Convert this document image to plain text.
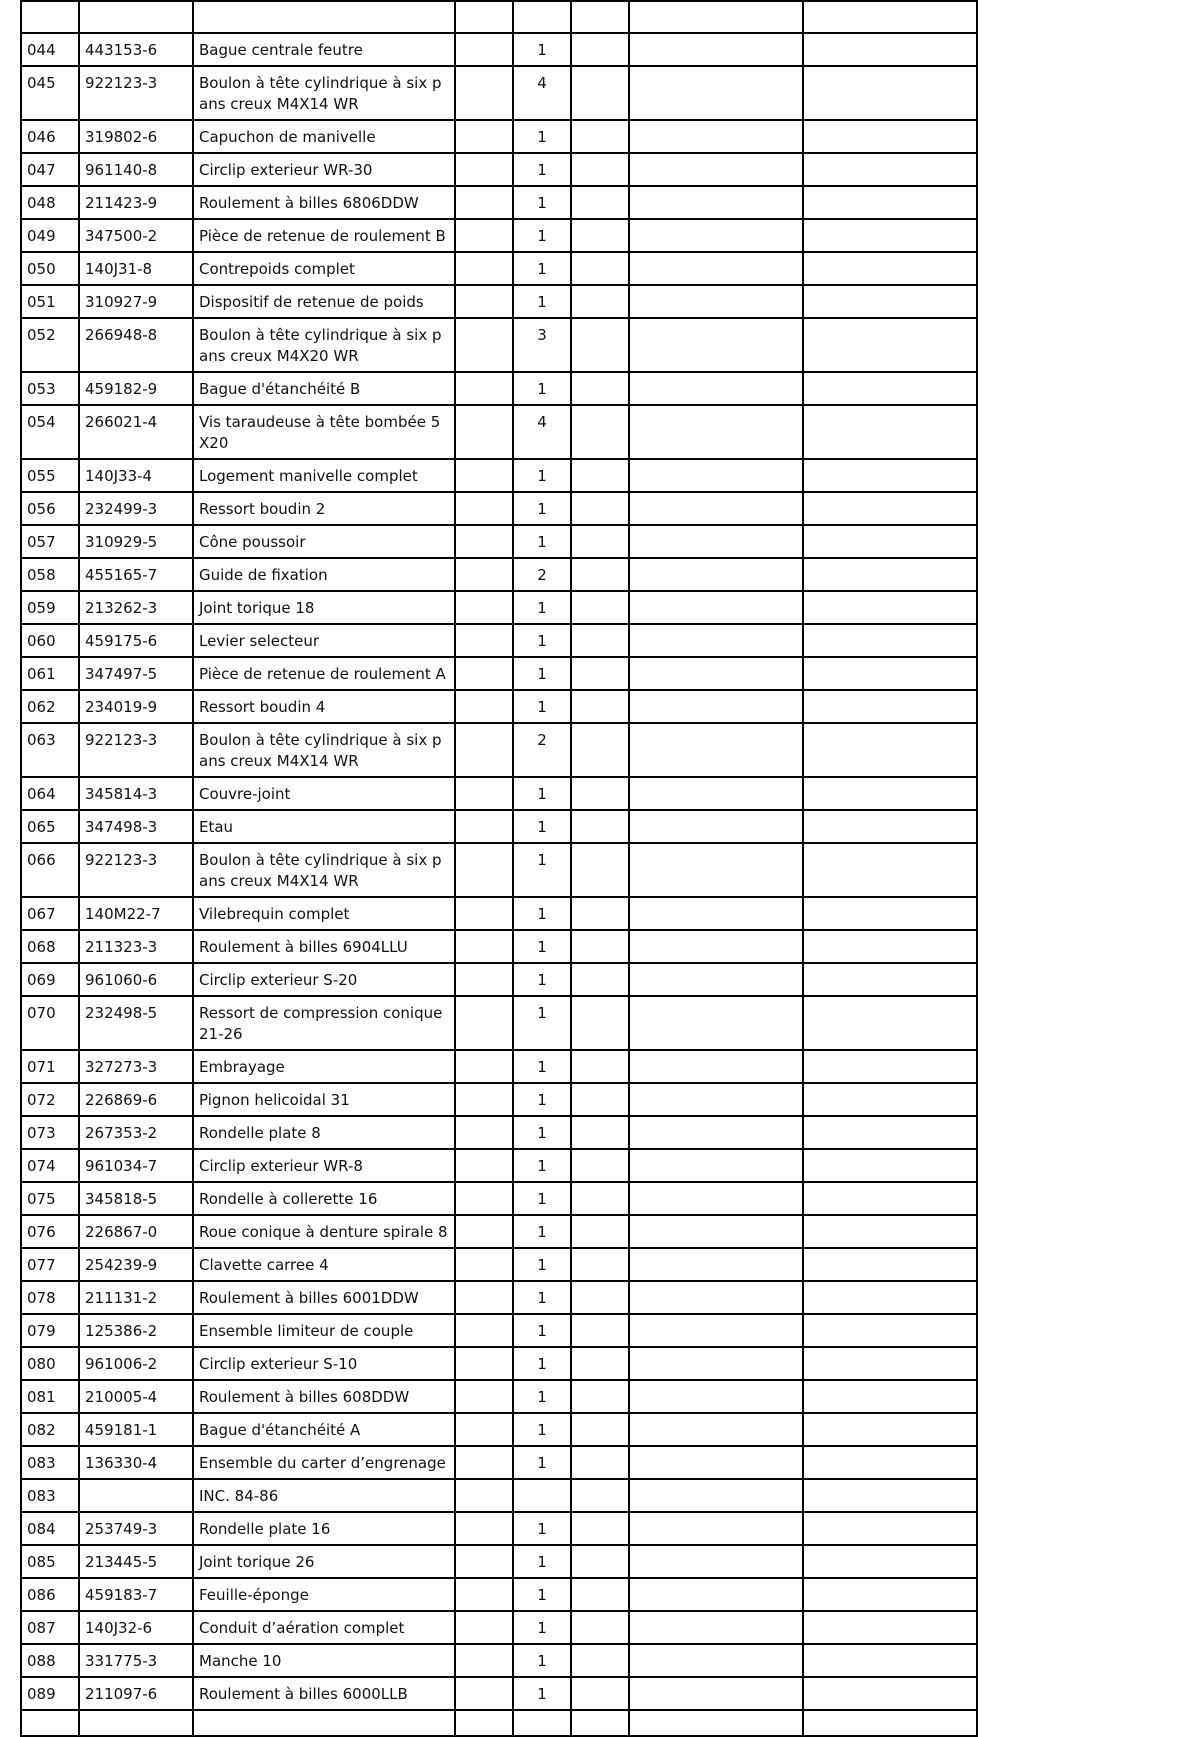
044	443153-6	Bague centrale feutre		1			
045	922123-3	Boulon à tête cylindrique à six pans creux M4X14 WR		4			
046	319802-6	Capuchon de manivelle		1			
047	961140-8	Circlip exterieur WR-30		1			
048	211423-9	Roulement à billes 6806DDW		1			
049	347500-2	Pièce de retenue de roulement B		1			
050	140J31-8	Contrepoids complet		1			
051	310927-9	Dispositif de retenue de poids		1			
052	266948-8	Boulon à tête cylindrique à six pans creux M4X20 WR		3			
053	459182-9	Bague d'étanchéité B		1			
054	266021-4	Vis taraudeuse à tête bombée 5X20		4			
055	140J33-4	Logement manivelle complet		1			
056	232499-3	Ressort boudin 2		1			
057	310929-5	Cône poussoir		1			
058	455165-7	Guide de fixation		2			
059	213262-3	Joint torique 18		1			
060	459175-6	Levier selecteur		1			
061	347497-5	Pièce de retenue de roulement A		1			
062	234019-9	Ressort boudin 4		1			
063	922123-3	Boulon à tête cylindrique à six pans creux M4X14 WR		2			
064	345814-3	Couvre-joint		1			
065	347498-3	Etau		1			
066	922123-3	Boulon à tête cylindrique à six pans creux M4X14 WR		1			
067	140M22-7	Vilebrequin complet		1			
068	211323-3	Roulement à billes 6904LLU		1			
069	961060-6	Circlip exterieur S-20		1			
070	232498-5	Ressort de compression conique 21-26		1			
071	327273-3	Embrayage		1			
072	226869-6	Pignon helicoidal 31		1			
073	267353-2	Rondelle plate 8		1			
074	961034-7	Circlip exterieur WR-8		1			
075	345818-5	Rondelle à collerette 16		1			
076	226867-0	Roue conique à denture spirale 8		1			
077	254239-9	Clavette carree 4		1			
078	211131-2	Roulement à billes 6001DDW		1			
079	125386-2	Ensemble limiteur de couple		1			
080	961006-2	Circlip exterieur S-10		1			
081	210005-4	Roulement à billes 608DDW		1			
082	459181-1	Bague d'étanchéité A		1			
083	136330-4	Ensemble du carter d’engrenage		1			
083		INC. 84-86					
084	253749-3	Rondelle plate 16		1			
085	213445-5	Joint torique 26		1			
086	459183-7	Feuille-éponge		1			
087	140J32-6	Conduit d’aération complet		1			
088	331775-3	Manche 10		1			
089	211097-6	Roulement à billes 6000LLB		1			
